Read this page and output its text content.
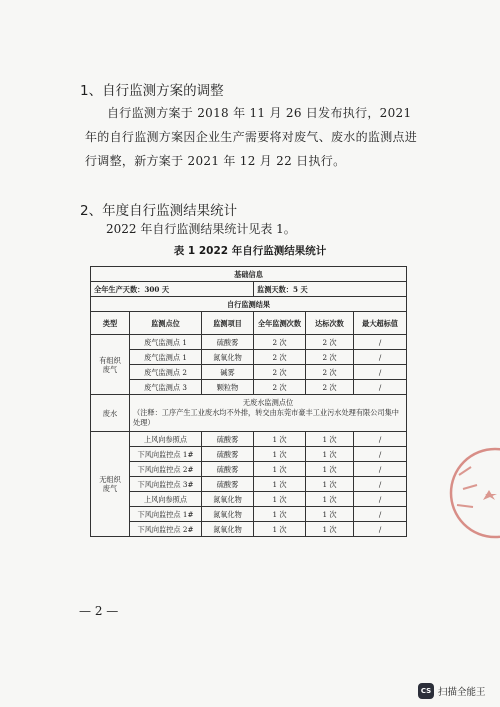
1、自行监测方案的调整
自行监测方案于 2018 年 11 月 26 日发布执行，2021 年的自行监测方案因企业生产需要将对废气、废水的监测点进行调整，新方案于 2021 年 12 月 22 日执行。
2、年度自行监测结果统计
2022 年自行监测结果统计见表 1。
表 1 2022 年自行监测结果统计
基础信息					
全年生产天数：300 天			监测天数：5 天		
自行监测结果					
类型	监测点位	监测项目	全年监测次数	达标次数	最大超标值
有组织废气	废气监测点 1	硫酸雾	2 次	2 次	/
	废气监测点 1	氮氧化物	2 次	2 次	/
	废气监测点 2	碱雾	2 次	2 次	/
	废气监测点 3	颗粒物	2 次	2 次	/
废水	无废水监测点位
（注释：工序产生工业废水均不外排，转交由东莞市豪丰工业污水处理有限公司集中处理）				

无组织废气	上风向参照点	硫酸雾	1 次	1 次	/
	下风向监控点 1#	硫酸雾	1 次	1 次	/
	下风向监控点 2#	硫酸雾	1 次	1 次	/
	下风向监控点 3#	硫酸雾	1 次	1 次	/
	上风向参照点	氮氧化物	1 次	1 次	/
	下风向监控点 1#	氮氧化物	1 次	1 次	/
	下风向监控点 2#	氮氧化物	1 次	1 次	/
— 2 —
CS 扫描全能王
